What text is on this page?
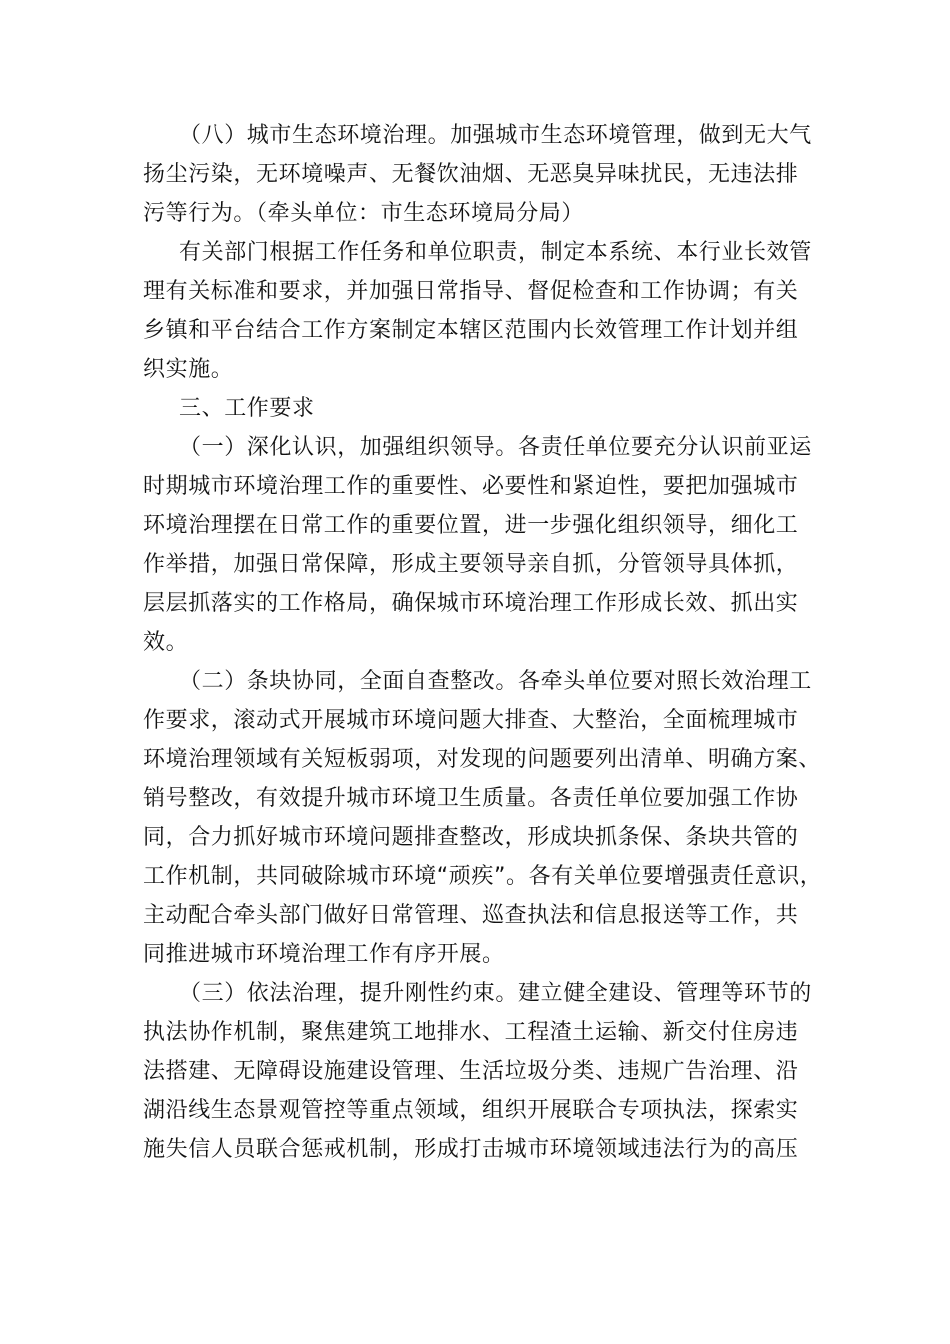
（八）城市生态环境治理。加强城市生态环境管理，做到无大气
扬尘污染，无环境噪声、无餐饮油烟、无恶臭异味扰民，无违法排
污等行为。（牵头单位：市生态环境局分局）
有关部门根据工作任务和单位职责，制定本系统、本行业长效管
理有关标准和要求，并加强日常指导、督促检查和工作协调；有关
乡镇和平台结合工作方案制定本辖区范围内长效管理工作计划并组
织实施。
三、工作要求
（一）深化认识，加强组织领导。各责任单位要充分认识前亚运
时期城市环境治理工作的重要性、必要性和紧迫性，要把加强城市
环境治理摆在日常工作的重要位置，进一步强化组织领导，细化工
作举措，加强日常保障，形成主要领导亲自抓，分管领导具体抓，
层层抓落实的工作格局，确保城市环境治理工作形成长效、抓出实
效。
（二）条块协同，全面自查整改。各牵头单位要对照长效治理工
作要求，滚动式开展城市环境问题大排查、大整治，全面梳理城市
环境治理领域有关短板弱项，对发现的问题要列出清单、明确方案、
销号整改，有效提升城市环境卫生质量。各责任单位要加强工作协
同，合力抓好城市环境问题排查整改，形成块抓条保、条块共管的
工作机制，共同破除城市环境“顽疾”。各有关单位要增强责任意识，
主动配合牵头部门做好日常管理、巡查执法和信息报送等工作，共
同推进城市环境治理工作有序开展。
（三）依法治理，提升刚性约束。建立健全建设、管理等环节的
执法协作机制，聚焦建筑工地排水、工程渣土运输、新交付住房违
法搭建、无障碍设施建设管理、生活垃圾分类、违规广告治理、沿
湖沿线生态景观管控等重点领域，组织开展联合专项执法，探索实
施失信人员联合惩戒机制，形成打击城市环境领域违法行为的高压
